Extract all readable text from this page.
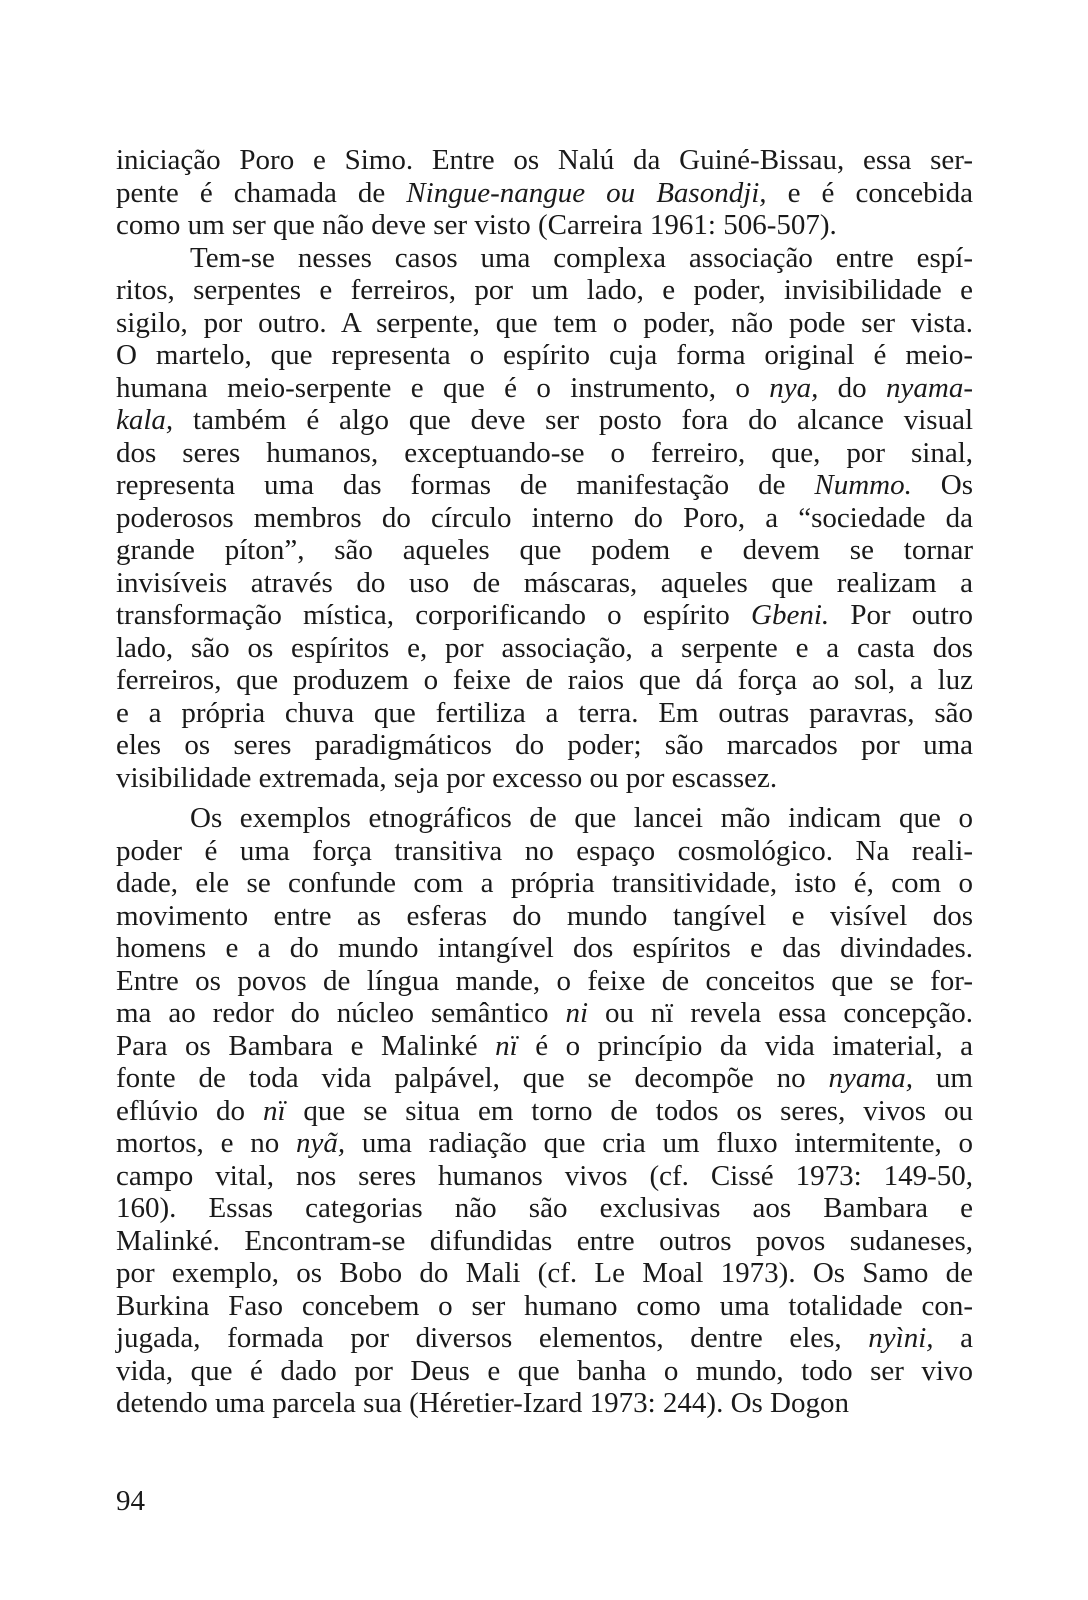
iniciação Poro e Simo. Entre os Nalú da Guiné-Bissau, essa ser-
pente é chamada de Ningue-nangue ou Basondji, e é concebida
como um ser que não deve ser visto (Carreira 1961: 506-507).
Tem-se nesses casos uma complexa associação entre espí-
ritos, serpentes e ferreiros, por um lado, e poder, invisibilidade e
sigilo, por outro. A serpente, que tem o poder, não pode ser vista.
O martelo, que representa o espírito cuja forma original é meio-
humana meio-serpente e que é o instrumento, o nya, do nyama-
kala, também é algo que deve ser posto fora do alcance visual
dos seres humanos, exceptuando-se o ferreiro, que, por sinal,
representa uma das formas de manifestação de Nummo. Os
poderosos membros do círculo interno do Poro, a “sociedade da
grande píton”, são aqueles que podem e devem se tornar
invisíveis através do uso de máscaras, aqueles que realizam a
transformação mística, corporificando o espírito Gbeni. Por outro
lado, são os espíritos e, por associação, a serpente e a casta dos
ferreiros, que produzem o feixe de raios que dá força ao sol, a luz
e a própria chuva que fertiliza a terra. Em outras paravras, são
eles os seres paradigmáticos do poder; são marcados por uma
visibilidade extremada, seja por excesso ou por escassez.
Os exemplos etnográficos de que lancei mão indicam que o
poder é uma força transitiva no espaço cosmológico. Na reali-
dade, ele se confunde com a própria transitividade, isto é, com o
movimento entre as esferas do mundo tangível e visível dos
homens e a do mundo intangível dos espíritos e das divindades.
Entre os povos de língua mande, o feixe de conceitos que se for-
ma ao redor do núcleo semântico ni ou nï revela essa concepção.
Para os Bambara e Malinké nï é o princípio da vida imaterial, a
fonte de toda vida palpável, que se decompõe no nyama, um
eflúvio do nï que se situa em torno de todos os seres, vivos ou
mortos, e no nyã, uma radiação que cria um fluxo intermitente, o
campo vital, nos seres humanos vivos (cf. Cissé 1973: 149-50,
160). Essas categorias não são exclusivas aos Bambara e
Malinké. Encontram-se difundidas entre outros povos sudaneses,
por exemplo, os Bobo do Mali (cf. Le Moal 1973). Os Samo de
Burkina Faso concebem o ser humano como uma totalidade con-
jugada, formada por diversos elementos, dentre eles, nyìni, a
vida, que é dado por Deus e que banha o mundo, todo ser vivo
detendo uma parcela sua (Héretier-Izard 1973: 244). Os Dogon
94
